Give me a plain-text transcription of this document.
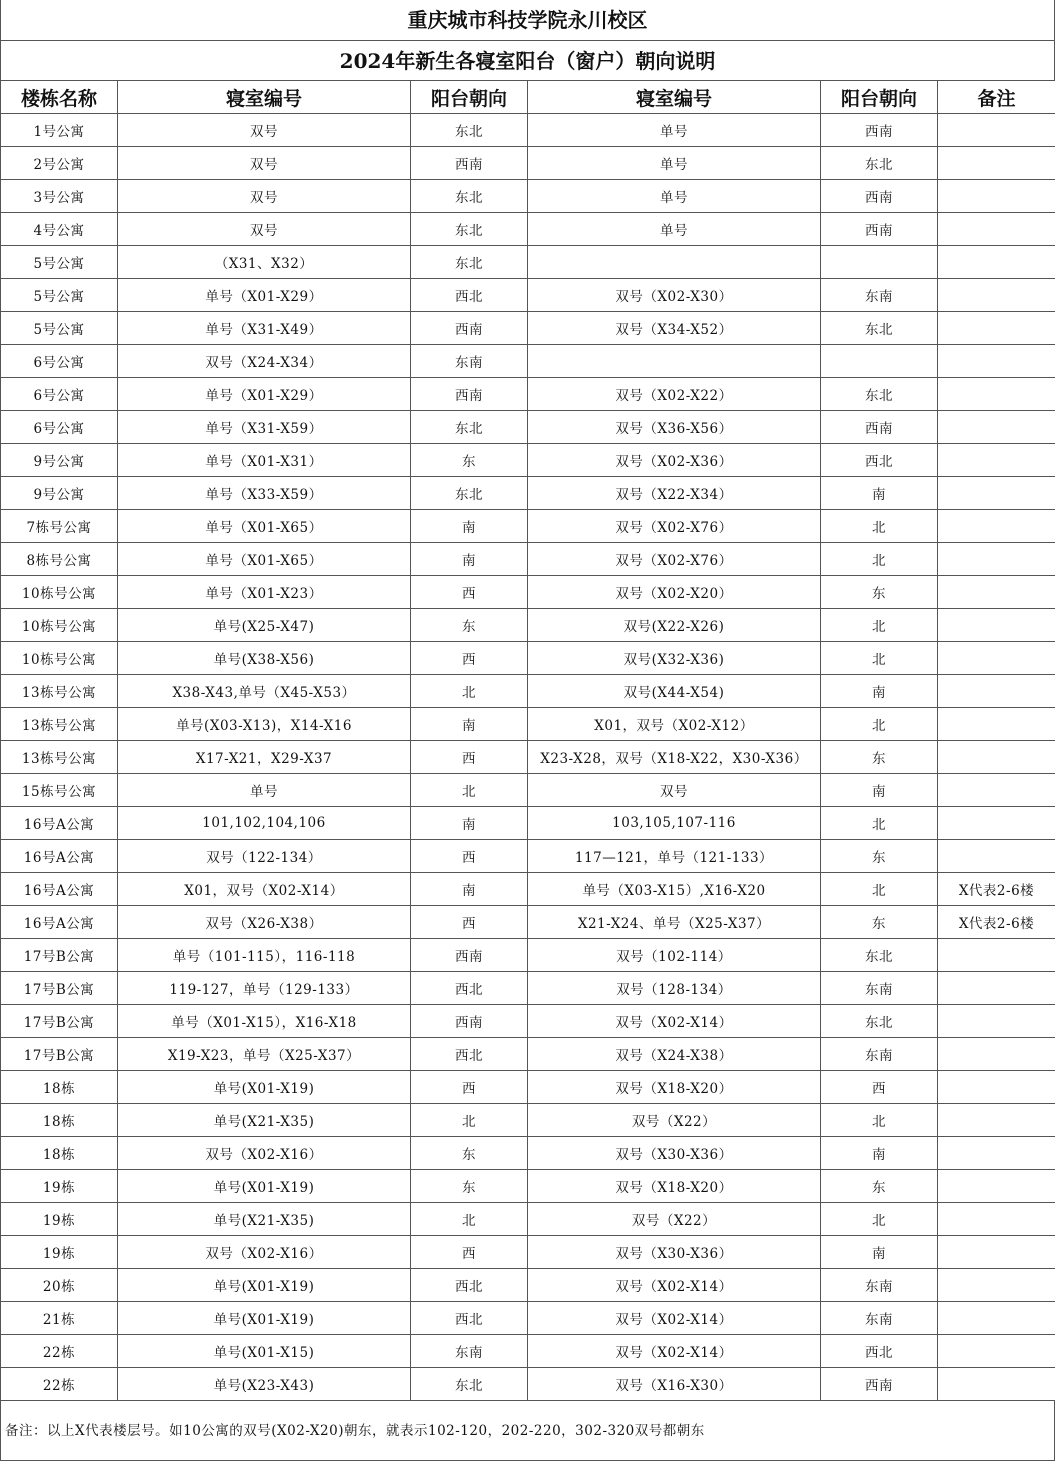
重庆城市科技学院永川校区
2024年新生各寝室阳台（窗户）朝向说明
楼栋名称	寝室编号	阳台朝向	寝室编号	阳台朝向	备注
1号公寓	双号	东北	单号	西南	
2号公寓	双号	西南	单号	东北	
3号公寓	双号	东北	单号	西南	
4号公寓	双号	东北	单号	西南	
5号公寓	（X31、X32）	东北			
5号公寓	单号（X01-X29）	西北	双号（X02-X30）	东南	
5号公寓	单号（X31-X49）	西南	双号（X34-X52）	东北	
6号公寓	双号（X24-X34）	东南			
6号公寓	单号（X01-X29）	西南	双号（X02-X22）	东北	
6号公寓	单号（X31-X59）	东北	双号（X36-X56）	西南	
9号公寓	单号（X01-X31）	东	双号（X02-X36）	西北	
9号公寓	单号（X33-X59）	东北	双号（X22-X34）	南	
7栋号公寓	单号（X01-X65）	南	双号（X02-X76）	北	
8栋号公寓	单号（X01-X65）	南	双号（X02-X76）	北	
10栋号公寓	单号（X01-X23）	西	双号（X02-X20）	东	
10栋号公寓	单号(X25-X47)	东	双号(X22-X26)	北	
10栋号公寓	单号(X38-X56)	西	双号(X32-X36)	北	
13栋号公寓	X38-X43,单号（X45-X53）	北	双号(X44-X54)	南	
13栋号公寓	单号(X03-X13)，X14-X16	南	X01，双号（X02-X12）	北	
13栋号公寓	X17-X21，X29-X37	西	X23-X28，双号（X18-X22，X30-X36）	东	
15栋号公寓	单号	北	双号	南	
16号A公寓	101,102,104,106	南	103,105,107-116	北	
16号A公寓	双号（122-134）	西	117—121，单号（121-133）	东	
16号A公寓	X01，双号（X02-X14）	南	单号（X03-X15）,X16-X20	北	X代表2-6楼
16号A公寓	双号（X26-X38）	西	X21-X24、单号（X25-X37）	东	X代表2-6楼
17号B公寓	单号（101-115），116-118	西南	双号（102-114）	东北	
17号B公寓	119-127，单号（129-133）	西北	双号（128-134）	东南	
17号B公寓	单号（X01-X15），X16-X18	西南	双号（X02-X14）	东北	
17号B公寓	X19-X23，单号（X25-X37）	西北	双号（X24-X38）	东南	
18栋	单号(X01-X19)	西	双号（X18-X20）	西	
18栋	单号(X21-X35)	北	双号（X22）	北	
18栋	双号（X02-X16）	东	双号（X30-X36）	南	
19栋	单号(X01-X19)	东	双号（X18-X20）	东	
19栋	单号(X21-X35)	北	双号（X22）	北	
19栋	双号（X02-X16）	西	双号（X30-X36）	南	
20栋	单号(X01-X19)	西北	双号（X02-X14）	东南	
21栋	单号(X01-X19)	西北	双号（X02-X14）	东南	
22栋	单号(X01-X15)	东南	双号（X02-X14）	西北	
22栋	单号(X23-X43)	东北	双号（X16-X30）	西南	
备注：以上X代表楼层号。如10公寓的双号(X02-X20)朝东，就表示102-120，202-220，302-320双号都朝东
